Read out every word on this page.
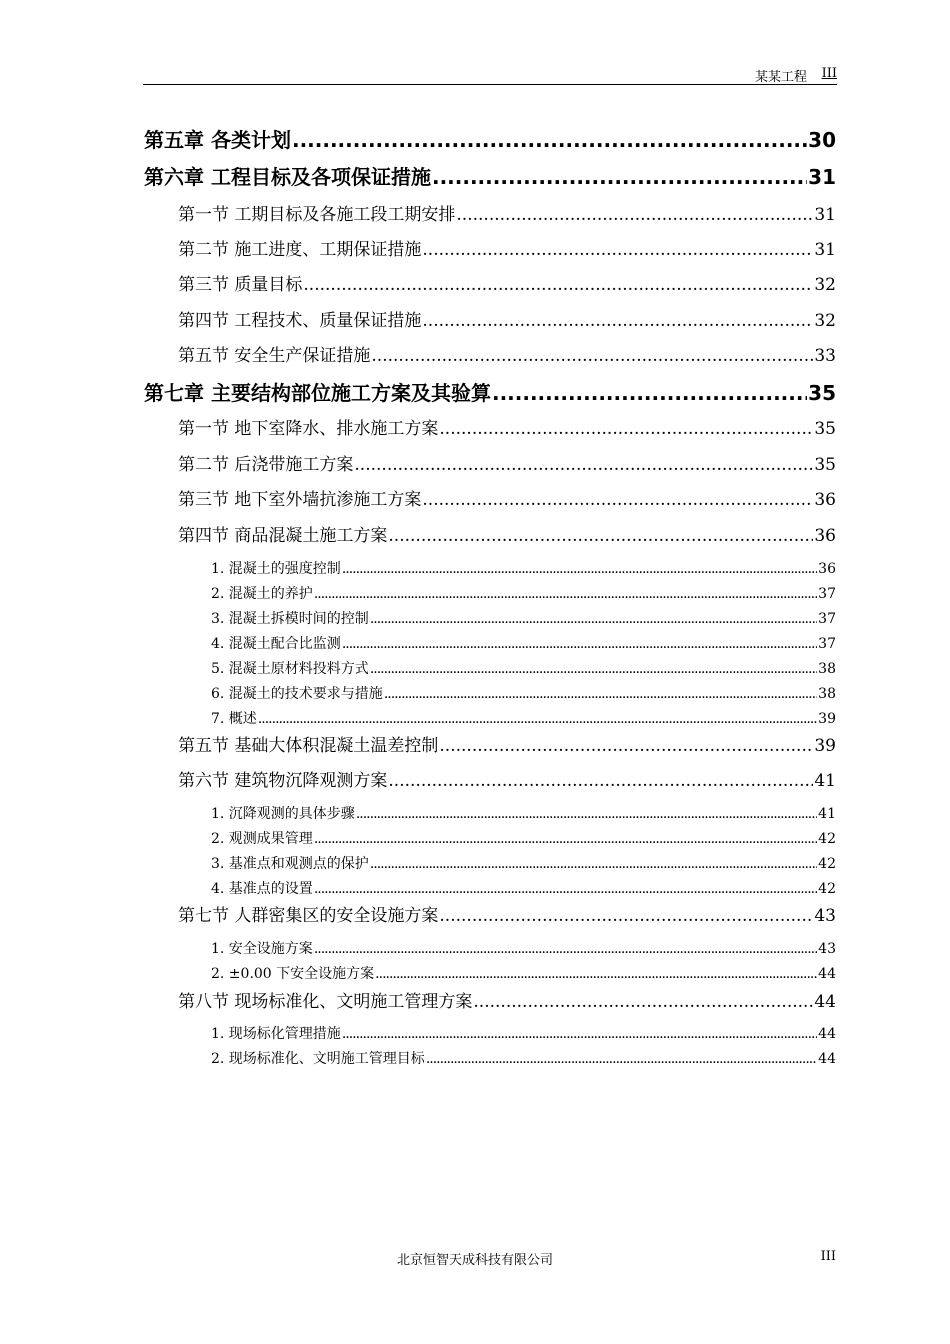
某某工程 III
第五章 各类计划 .....	30
第六章 工程目标及各项保证措施 .....	31
第一节 工期目标及各施工段工期安排 .....	31
第二节 施工进度、工期保证措施 .....	31
第三节 质量目标 .....	32
第四节 工程技术、质量保证措施 .....	32
第五节 安全生产保证措施 .....	33
第七章 主要结构部位施工方案及其验算 .....	35
第一节 地下室降水、排水施工方案 .....	35
第二节 后浇带施工方案 .....	35
第三节 地下室外墙抗渗施工方案 .....	36
第四节 商品混凝土施工方案 .....	36
1. 混凝土的强度控制 .....	36
2. 混凝土的养护 .....	37
3. 混凝土拆模时间的控制 .....	37
4. 混凝土配合比监测 .....	37
5. 混凝土原材料投料方式 .....	38
6. 混凝土的技术要求与措施 .....	38
7. 概述 .....	39
第五节 基础大体积混凝土温差控制 .....	39
第六节 建筑物沉降观测方案 .....	41
1. 沉降观测的具体步骤 .....	41
2. 观测成果管理 .....	42
3. 基准点和观测点的保护 .....	42
4. 基准点的设置 .....	42
第七节 人群密集区的安全设施方案 .....	43
1. 安全设施方案 .....	43
2. ±0.00 下安全设施方案 .....	44
第八节 现场标准化、文明施工管理方案 .....	44
1. 现场标化管理措施 .....	44
2. 现场标准化、文明施工管理目标 .....	44
北京恒智天成科技有限公司	III
